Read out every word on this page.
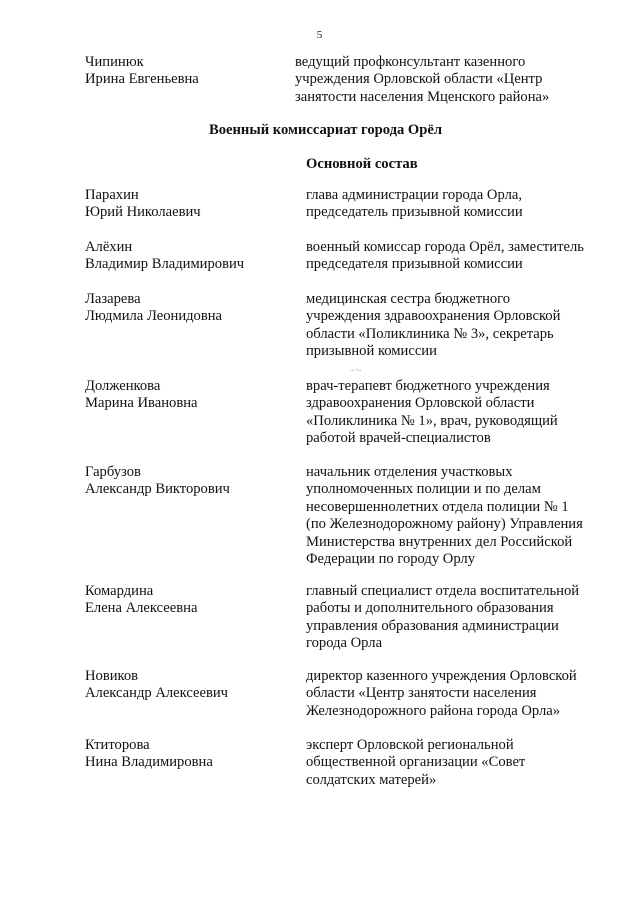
5
Чипинюк
Ирина Евгеньевна
ведущий профконсультант казенного
учреждения Орловской области «Центр
занятости населения Мценского района»
Военный комиссариат города Орёл
Основной состав
Парахин
Юрий Николаевич
глава администрации города Орла,
председатель призывной комиссии
Алёхин
Владимир Владимирович
военный комиссар города Орёл, заместитель
председателя призывной комиссии
Лазарева
Людмила Леонидовна
медицинская сестра бюджетного
учреждения здравоохранения Орловской
области «Поликлиника № 3», секретарь
призывной комиссии
Долженкова
Марина Ивановна
врач-терапевт бюджетного учреждения
здравоохранения Орловской области
«Поликлиника № 1», врач, руководящий
работой врачей-специалистов
Гарбузов
Александр Викторович
начальник отделения участковых
уполномоченных полиции и по делам
несовершеннолетних отдела полиции № 1
(по Железнодорожному району) Управления
Министерства внутренних дел Российской
Федерации по городу Орлу
Комардина
Елена Алексеевна
главный специалист отдела воспитательной
работы и дополнительного образования
управления образования администрации
города Орла
Новиков
Александр Алексеевич
директор казенного учреждения Орловской
области «Центр занятости населения
Железнодорожного района города Орла»
Ктиторова
Нина Владимировна
эксперт Орловской региональной
общественной организации «Совет
солдатских матерей»
